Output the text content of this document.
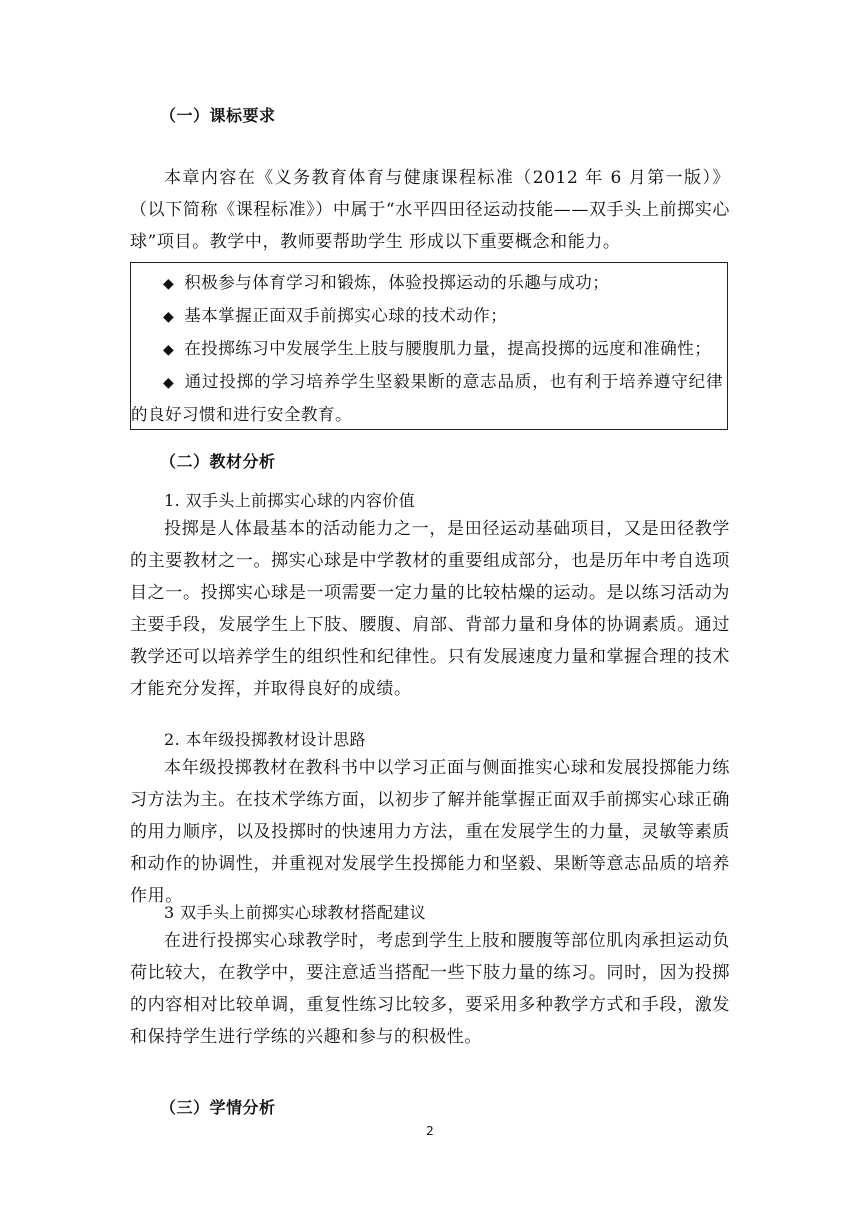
（一）课标要求

本章内容在《义务教育体育与健康课程标准（2012 年 6 月第一版）》（以下简称《课程标准》）中属于“水平四田径运动技能——双手头上前掷实心球”项目。教学中，教师要帮助学生 形成以下重要概念和能力。

◆ 积极参与体育学习和锻炼，体验投掷运动的乐趣与成功；

◆ 基本掌握正面双手前掷实心球的技术动作；

◆ 在投掷练习中发展学生上肢与腰腹肌力量，提高投掷的远度和准确性；

◆ 通过投掷的学习培养学生坚毅果断的意志品质，也有利于培养遵守纪律的良好习惯和进行安全教育。

（二）教材分析
1. 双手头上前掷实心球的内容价值

投掷是人体最基本的活动能力之一，是田径运动基础项目，又是田径教学的主要教材之一。掷实心球是中学教材的重要组成部分，也是历年中考自选项目之一。投掷实心球是一项需要一定力量的比较枯燥的运动。是以练习活动为主要手段，发展学生上下肢、腰腹、肩部、背部力量和身体的协调素质。通过教学还可以培养学生的组织性和纪律性。只有发展速度力量和掌握合理的技术才能充分发挥，并取得良好的成绩。

2. 本年级投掷教材设计思路

本年级投掷教材在教科书中以学习正面与侧面推实心球和发展投掷能力练习方法为主。在技术学练方面，以初步了解并能掌握正面双手前掷实心球正确的用力顺序，以及投掷时的快速用力方法，重在发展学生的力量，灵敏等素质和动作的协调性，并重视对发展学生投掷能力和坚毅、果断等意志品质的培养作用。

3 双手头上前掷实心球教材搭配建议

在进行投掷实心球教学时，考虑到学生上肢和腰腹等部位肌肉承担运动负荷比较大，在教学中，要注意适当搭配一些下肢力量的练习。同时，因为投掷的内容相对比较单调，重复性练习比较多，要采用多种教学方式和手段，激发和保持学生进行学练的兴趣和参与的积极性。

（三）学情分析
2
